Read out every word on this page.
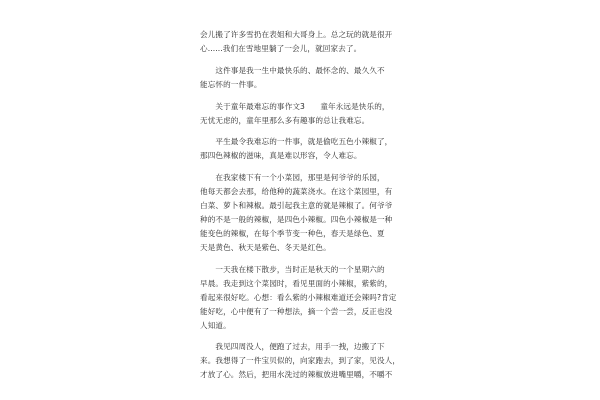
会儿搬了许多雪扔在表姐和大哥身上。总之玩的就是很开
心......我们在雪地里躺了一会儿，就回家去了。
　　这件事是我一生中最快乐的、最怀念的、最久久不
能忘怀的一件事。
　　关于童年最难忘的事作文3　　童年永远是快乐的，
无忧无虑的，童年里那么多有趣事的总让我难忘。
　　平生最令我难忘的一件事，就是偷吃五色小辣椒了，
那四色辣椒的滋味，真是难以形容，令人难忘。
　　在我家楼下有一个小菜园，那里是何爷爷的乐园，
他每天都会去那，给他种的蔬菜浇水。在这个菜园里，有
白菜、萝卜和辣椒。最引起我主意的就是辣椒了。何爷爷
种的不是一般的辣椒，是四色小辣椒。四色小辣椒是一种
能变色的辣椒，在每个季节变一种色，春天是绿色、夏
天是黄色、秋天是紫色、冬天是红色。
　　一天我在楼下散步，当时正是秋天的一个星期六的
早晨。我走到这个菜园时，看见里面的小辣椒，紫紫的，
看起来很好吃。心想：看么紫的小辣椒难道还会辣吗?肯定
能好吃，心中便有了一种想法，摘一个尝一尝，反正也没
人知道。
　　我见四周没人，便跑了过去，用手一拽，边搬了下
来。我想得了一件宝贝似的，向家跑去，到了家，见没人，
才放了心。然后，把用水洗过的辣椒放进嘴里嚼，不嚼不
